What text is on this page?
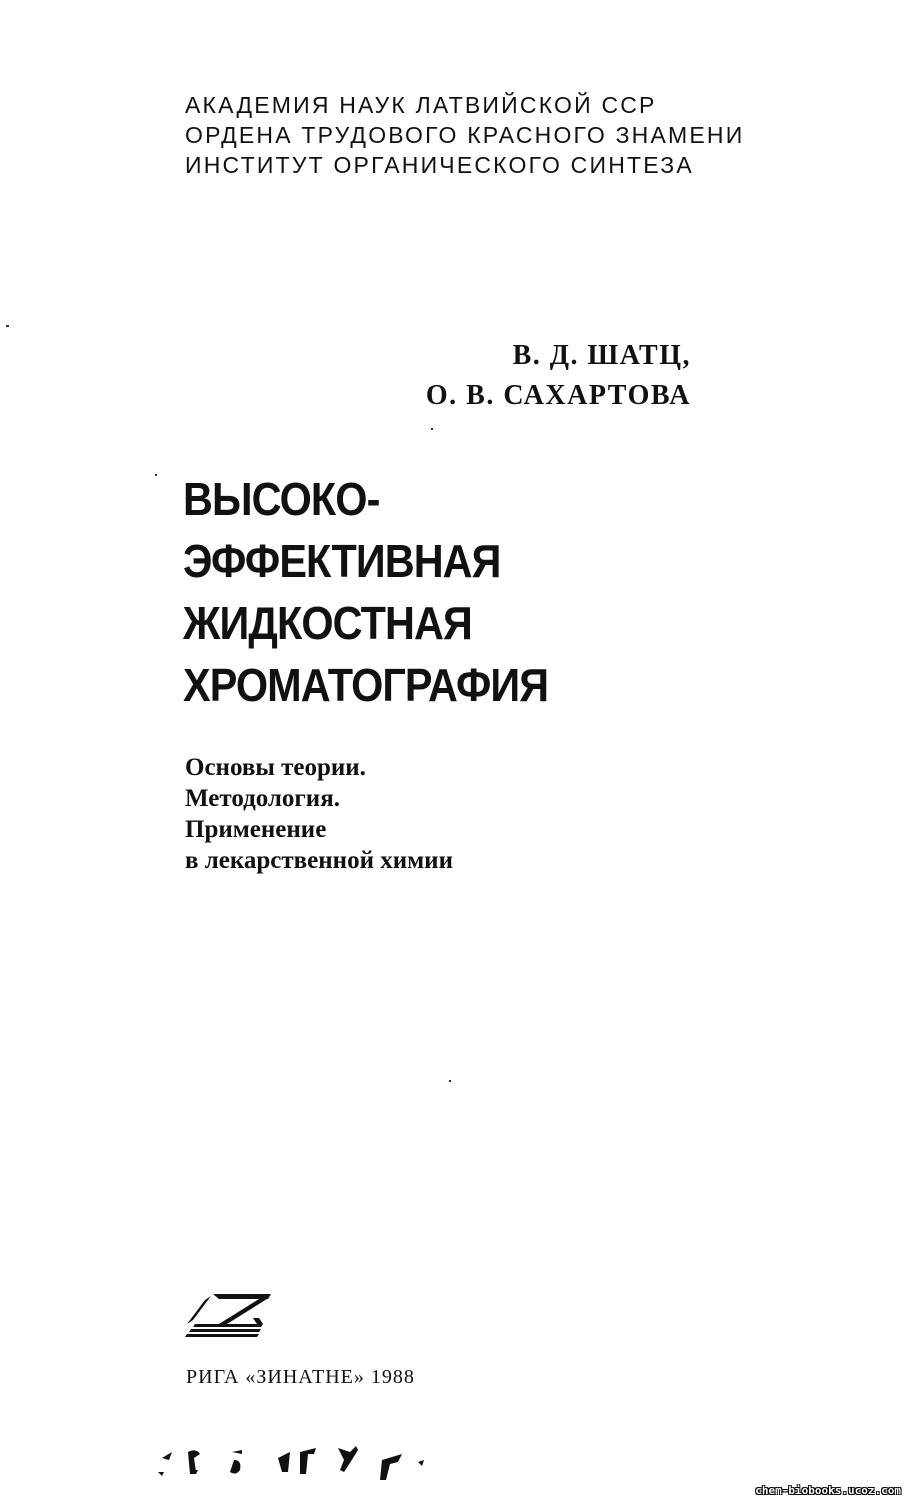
АКАДЕМИЯ НАУК ЛАТВИЙСКОЙ ССР
ОРДЕНА ТРУДОВОГО КРАСНОГО ЗНАМЕНИ
ИНСТИТУТ ОРГАНИЧЕСКОГО СИНТЕЗА
В. Д. ШАТЦ,
О. В. САХАРТОВА
ВЫСОКО-
ЭФФЕКТИВНАЯ
ЖИДКОСТНАЯ
ХРОМАТОГРАФИЯ
Основы теории.
Методология.
Применение
в лекарственной химии
РИГА «ЗИНАТНЕ» 1988
chem-biobooks.ucoz.com
